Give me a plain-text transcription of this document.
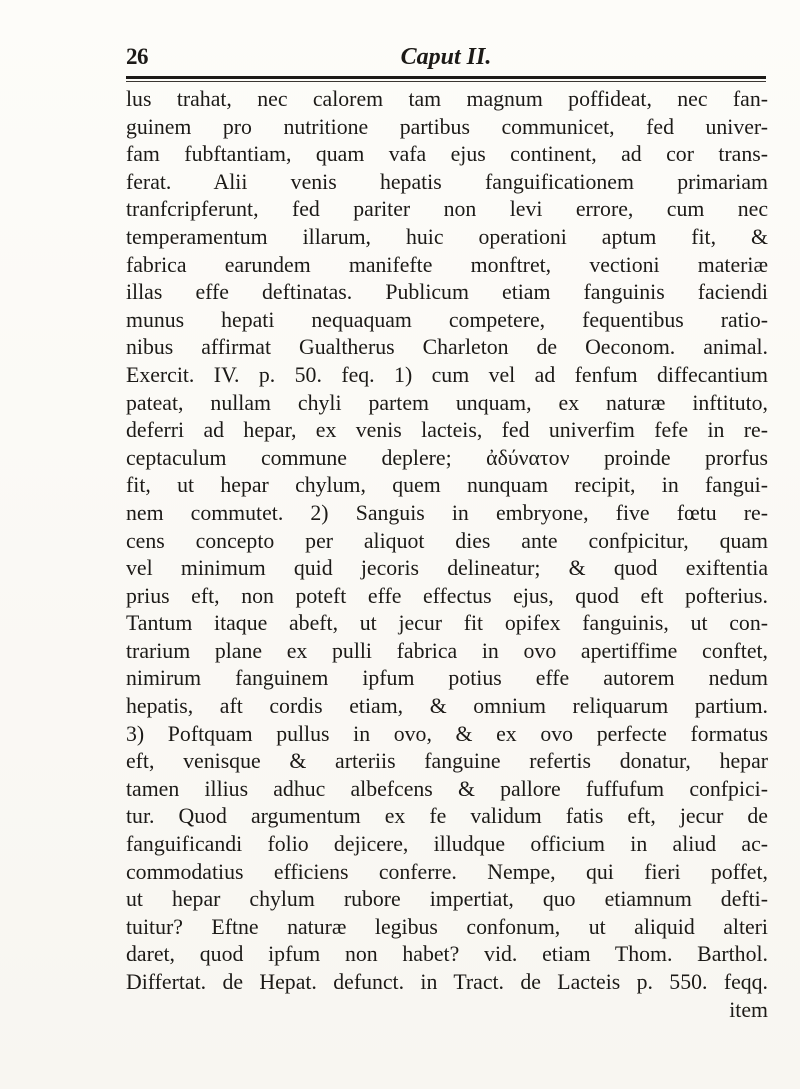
26	Caput II.
lus trahat, nec calorem tam magnum poffideat, nec fan-
guinem pro nutritione partibus communicet, fed univer-
fam fubftantiam, quam vafa ejus continent, ad cor trans-
ferat. Alii venis hepatis fanguificationem primariam
tranfcripferunt, fed pariter non levi errore, cum nec
temperamentum illarum, huic operationi aptum fit, &
fabrica earundem manifefte monftret, vectioni materiæ
illas effe deftinatas. Publicum etiam fanguinis faciendi
munus hepati nequaquam competere, fequentibus ratio-
nibus affirmat Gualtherus Charleton de Oeconom. animal.
Exercit. IV. p. 50. feq. 1) cum vel ad fenfum diffecantium
pateat, nullam chyli partem unquam, ex naturæ inftituto,
deferri ad hepar, ex venis lacteis, fed univerfim fefe in re-
ceptaculum commune deplere; ἀδύνατον proinde prorfus
fit, ut hepar chylum, quem nunquam recipit, in fangui-
nem commutet. 2) Sanguis in embryone, five fœtu re-
cens concepto per aliquot dies ante confpicitur, quam
vel minimum quid jecoris delineatur; & quod exiftentia
prius eft, non poteft effe effectus ejus, quod eft pofterius.
Tantum itaque abeft, ut jecur fit opifex fanguinis, ut con-
trarium plane ex pulli fabrica in ovo apertiffime conftet,
nimirum fanguinem ipfum potius effe autorem nedum
hepatis, aft cordis etiam, & omnium reliquarum partium.
3) Poftquam pullus in ovo, & ex ovo perfecte formatus
eft, venisque & arteriis fanguine refertis donatur, hepar
tamen illius adhuc albefcens & pallore fuffufum confpici-
tur. Quod argumentum ex fe validum fatis eft, jecur de
fanguificandi folio dejicere, illudque officium in aliud ac-
commodatius efficiens conferre. Nempe, qui fieri poffet,
ut hepar chylum rubore impertiat, quo etiamnum defti-
tuitur? Eftne naturæ legibus confonum, ut aliquid alteri
daret, quod ipfum non habet? vid. etiam Thom. Barthol.
Differtat. de Hepat. defunct. in Tract. de Lacteis p. 550. feqq.
item
